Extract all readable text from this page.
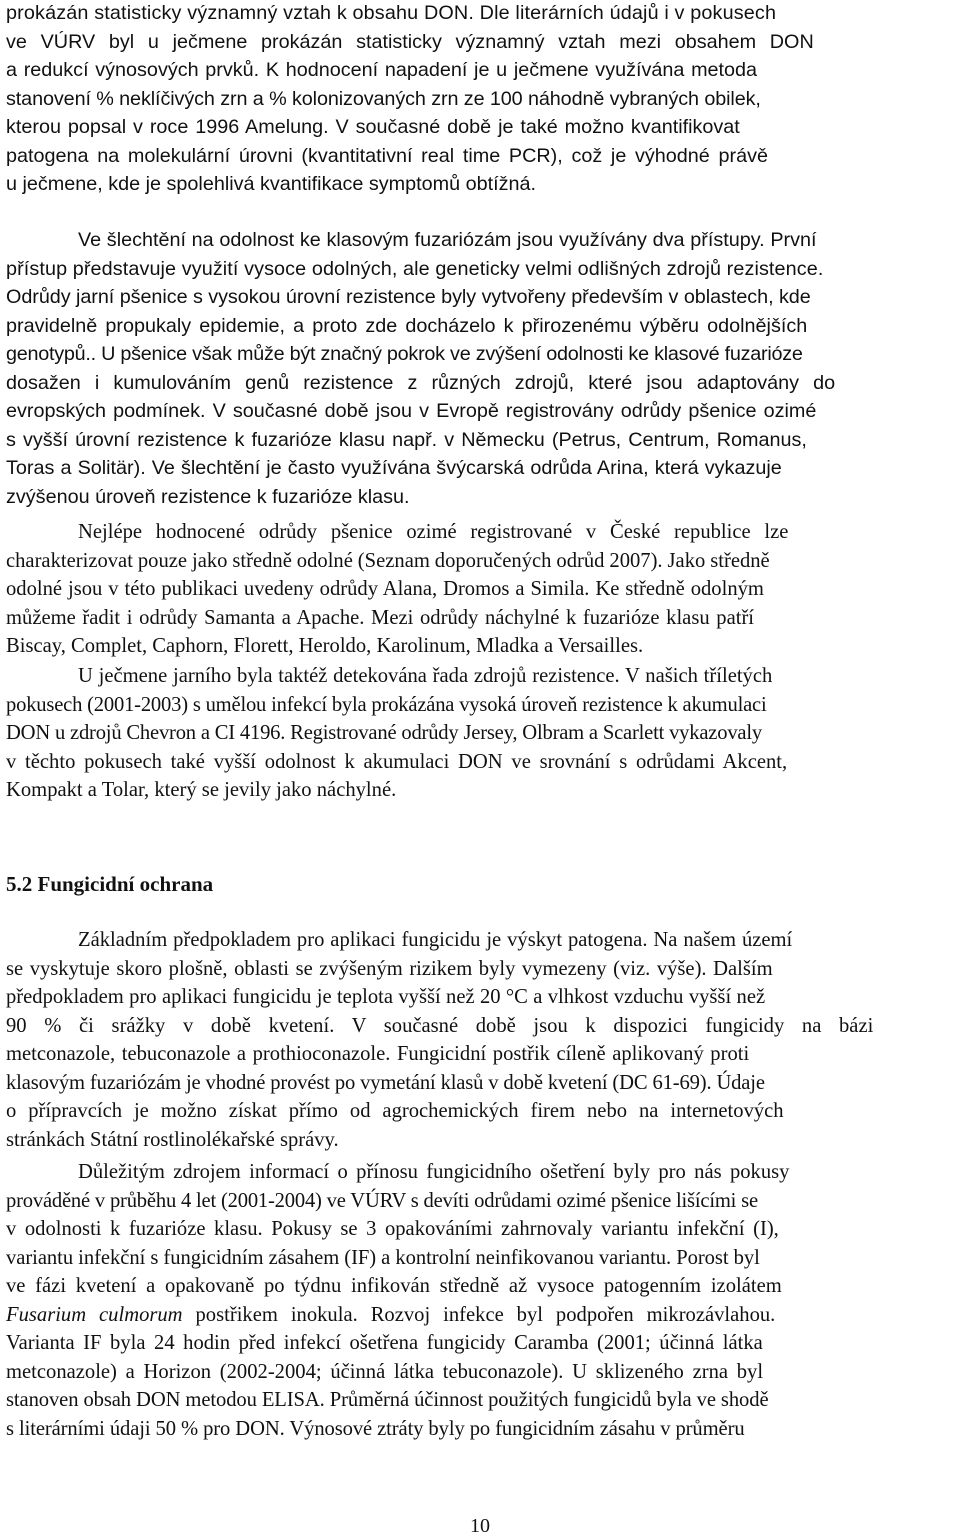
prokázán statisticky významný vztah k obsahu DON. Dle literárních údajů i v pokusech
ve VÚRV byl u ječmene prokázán statisticky významný vztah mezi obsahem DON
a redukcí výnosových prvků. K hodnocení napadení je u ječmene využívána metoda
stanovení % neklíčivých zrn a % kolonizovaných zrn ze 100 náhodně vybraných obilek,
kterou popsal v roce 1996 Amelung. V současné době je také možno kvantifikovat
patogena na molekulární úrovni (kvantitativní real time PCR), což je výhodné právě
u ječmene, kde je spolehlivá kvantifikace symptomů obtížná.

Ve šlechtění na odolnost ke klasovým fuzariózám jsou využívány dva přístupy. První
přístup představuje využití vysoce odolných, ale geneticky velmi odlišných zdrojů rezistence.
Odrůdy jarní pšenice s vysokou úrovní rezistence byly vytvořeny především v oblastech, kde
pravidelně propukaly epidemie, a proto zde docházelo k přirozenému výběru odolnějších
genotypů.. U pšenice však může být značný pokrok ve zvýšení odolnosti ke klasové fuzarióze
dosažen i kumulováním genů rezistence z různých zdrojů, které jsou adaptovány do
evropských podmínek. V současné době jsou v Evropě registrovány odrůdy pšenice ozimé
s vyšší úrovní rezistence k fuzarióze klasu např. v Německu (Petrus, Centrum, Romanus,
Toras a Solitär). Ve šlechtění je často využívána švýcarská odrůda Arina, která vykazuje
zvýšenou úroveň rezistence k fuzarióze klasu.

Nejlépe hodnocené odrůdy pšenice ozimé registrované v České republice lze
charakterizovat pouze jako středně odolné (Seznam doporučených odrůd 2007). Jako středně
odolné jsou v této publikaci uvedeny odrůdy Alana, Dromos a Simila. Ke středně odolným
můžeme řadit i odrůdy Samanta a Apache. Mezi odrůdy náchylné k fuzarióze klasu patří
Biscay, Complet, Caphorn, Florett, Heroldo, Karolinum, Mladka a Versailles.

U ječmene jarního byla taktéž detekována řada zdrojů rezistence. V našich tříletých
pokusech (2001-2003) s umělou infekcí byla prokázána vysoká úroveň rezistence k akumulaci
DON u zdrojů Chevron a CI 4196. Registrované odrůdy Jersey, Olbram a Scarlett vykazovaly
v těchto pokusech také vyšší odolnost k akumulaci DON ve srovnání s odrůdami Akcent,
Kompakt a Tolar, který se jevily jako náchylné.

5.2 Fungicidní ochrana

Základním předpokladem pro aplikaci fungicidu je výskyt patogena. Na našem území
se vyskytuje skoro plošně, oblasti se zvýšeným rizikem byly vymezeny (viz. výše). Dalším
předpokladem pro aplikaci fungicidu je teplota vyšší než 20 °C a vlhkost vzduchu vyšší než
90 % či srážky v době kvetení. V současné době jsou k dispozici fungicidy na bázi
metconazole, tebuconazole a prothioconazole. Fungicidní postřik cíleně aplikovaný proti
klasovým fuzariózám je vhodné provést po vymetání klasů v době kvetení (DC 61-69). Údaje
o přípravcích je možno získat přímo od agrochemických firem nebo na internetových
stránkách Státní rostlinolékařské správy.

Důležitým zdrojem informací o přínosu fungicidního ošetření byly pro nás pokusy
prováděné v průběhu 4 let (2001-2004) ve VÚRV s devíti odrůdami ozimé pšenice lišícími se
v odolnosti k fuzarióze klasu. Pokusy se 3 opakováními zahrnovaly variantu infekční (I),
variantu infekční s fungicidním zásahem (IF) a kontrolní neinfikovanou variantu. Porost byl
ve fázi kvetení a opakovaně po týdnu infikován středně až vysoce patogenním izolátem
Fusarium culmorum postřikem inokula. Rozvoj infekce byl podpořen mikrozávlahou.
Varianta IF byla 24 hodin před infekcí ošetřena fungicidy Caramba (2001; účinná látka
metconazole) a Horizon (2002-2004; účinná látka tebuconazole). U sklizeného zrna byl
stanoven obsah DON metodou ELISA. Průměrná účinnost použitých fungicidů byla ve shodě
s literárními údaji 50 % pro DON. Výnosové ztráty byly po fungicidním zásahu v průměru

10
